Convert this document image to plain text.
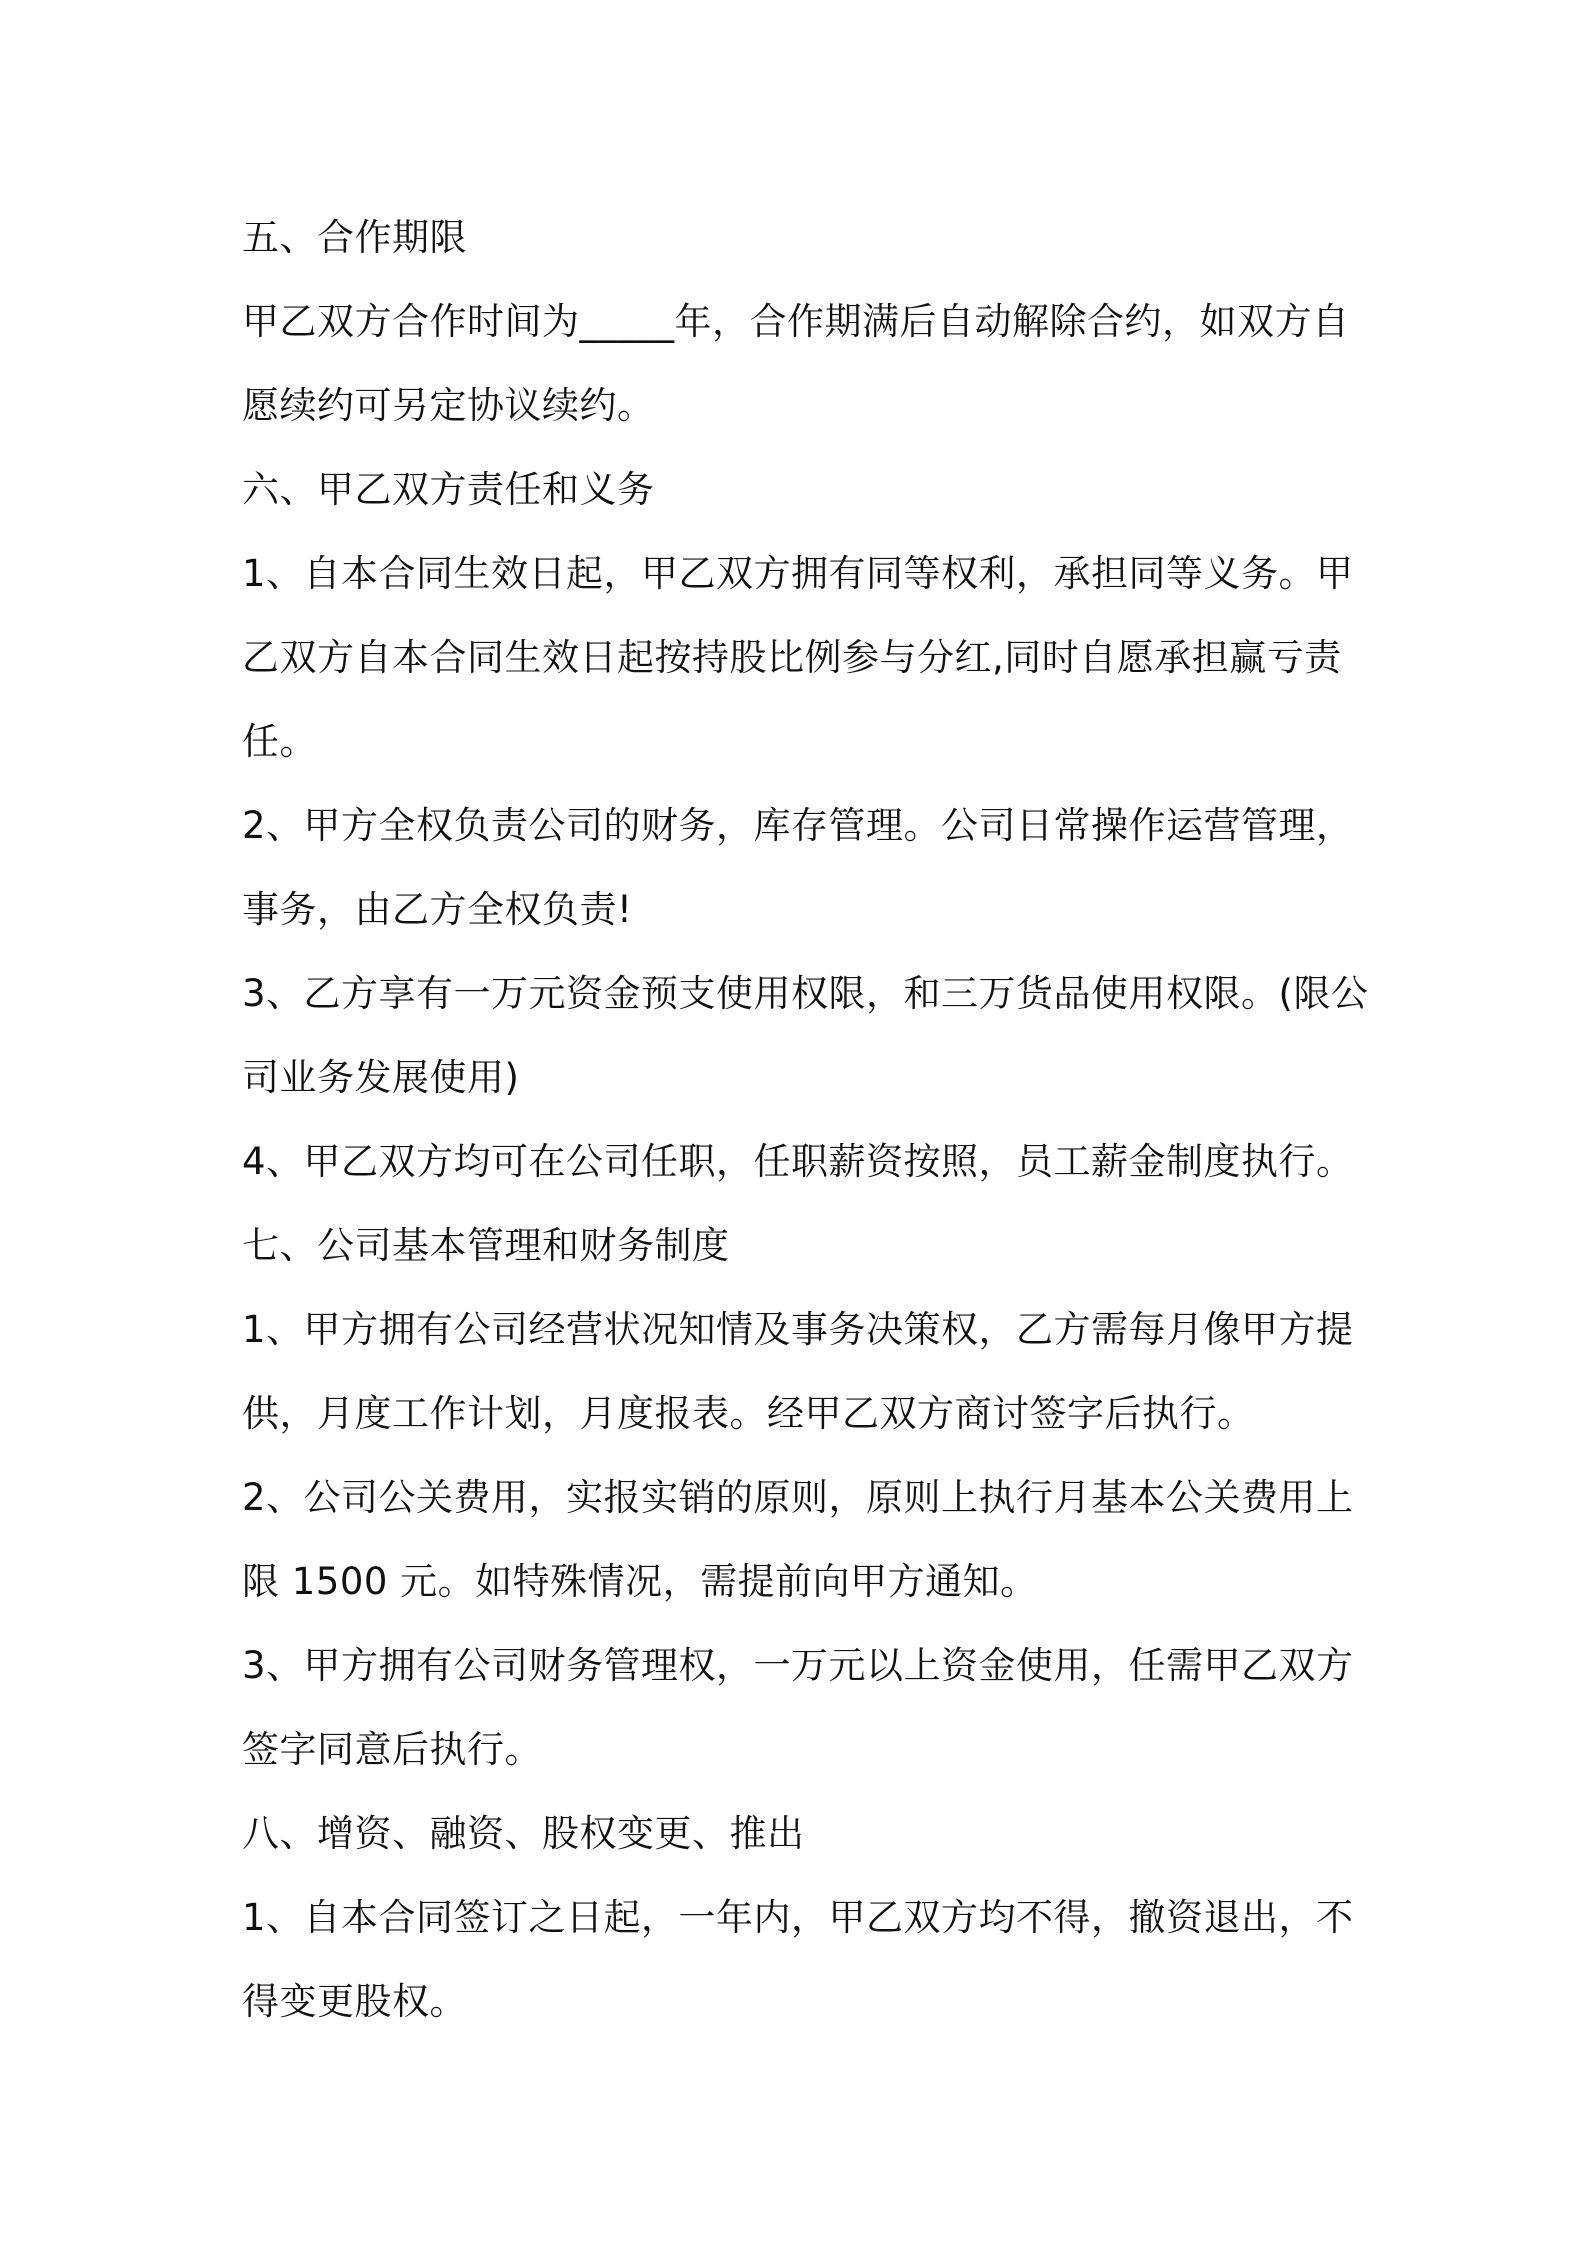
五、合作期限
甲乙双方合作时间为_____年，合作期满后自动解除合约，如双方自
愿续约可另定协议续约。
六、甲乙双方责任和义务
1、自本合同生效日起，甲乙双方拥有同等权利，承担同等义务。甲
乙双方自本合同生效日起按持股比例参与分红,同时自愿承担赢亏责
任。
2、甲方全权负责公司的财务，库存管理。公司日常操作运营管理，
事务，由乙方全权负责!
3、乙方享有一万元资金预支使用权限，和三万货品使用权限。(限公
司业务发展使用)
4、甲乙双方均可在公司任职，任职薪资按照，员工薪金制度执行。
七、公司基本管理和财务制度
1、甲方拥有公司经营状况知情及事务决策权，乙方需每月像甲方提
供，月度工作计划，月度报表。经甲乙双方商讨签字后执行。
2、公司公关费用，实报实销的原则，原则上执行月基本公关费用上
限 1500 元。如特殊情况，需提前向甲方通知。
3、甲方拥有公司财务管理权，一万元以上资金使用，任需甲乙双方
签字同意后执行。
八、增资、融资、股权变更、推出
1、自本合同签订之日起，一年内，甲乙双方均不得，撤资退出，不
得变更股权。
